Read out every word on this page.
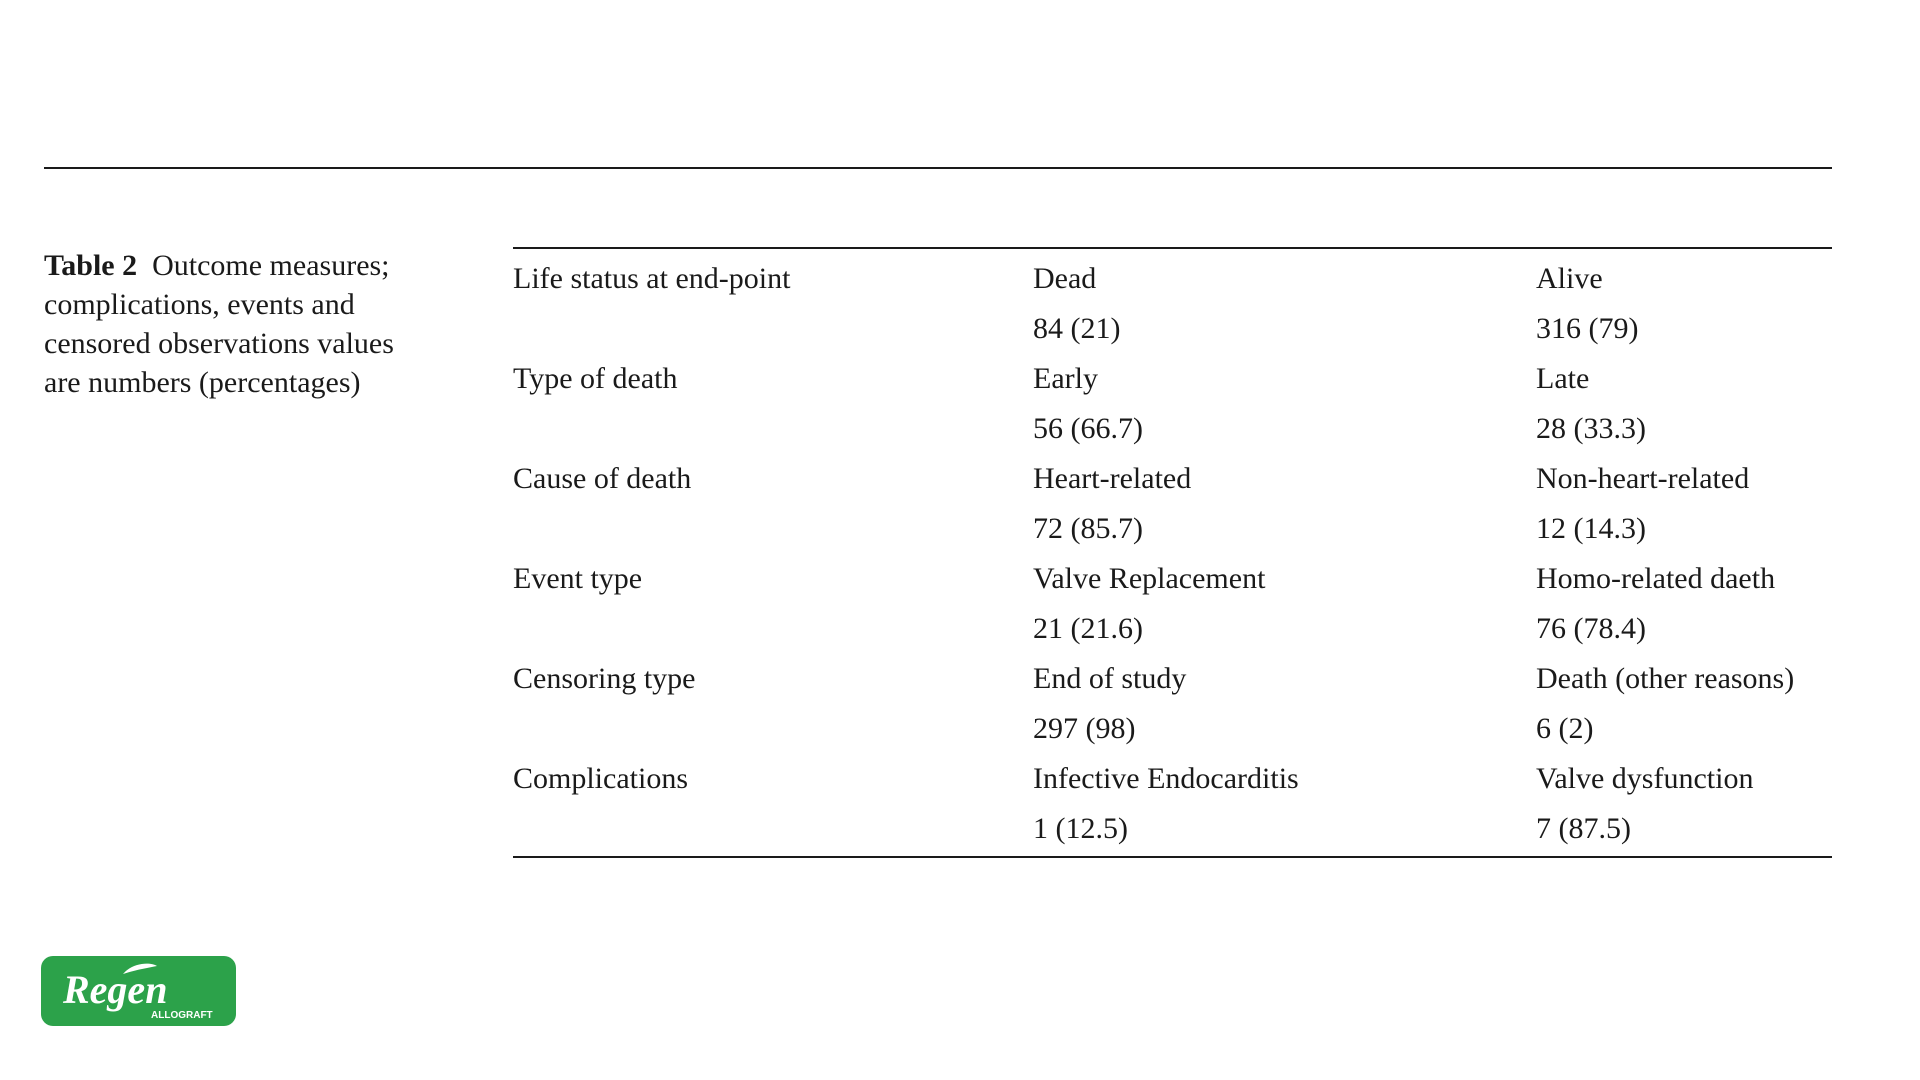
Table 2 Outcome measures; complications, events and censored observations values are numbers (percentages)

Life status at end-point	Dead	Alive
	84 (21)	316 (79)
Type of death	Early	Late
	56 (66.7)	28 (33.3)
Cause of death	Heart-related	Non-heart-related
	72 (85.7)	12 (14.3)
Event type	Valve Replacement	Homo-related daeth
	21 (21.6)	76 (78.4)
Censoring type	End of study	Death (other reasons)
	297 (98)	6 (2)
Complications	Infective Endocarditis	Valve dysfunction
	1 (12.5)	7 (87.5)
Regen
ALLOGRAFT
